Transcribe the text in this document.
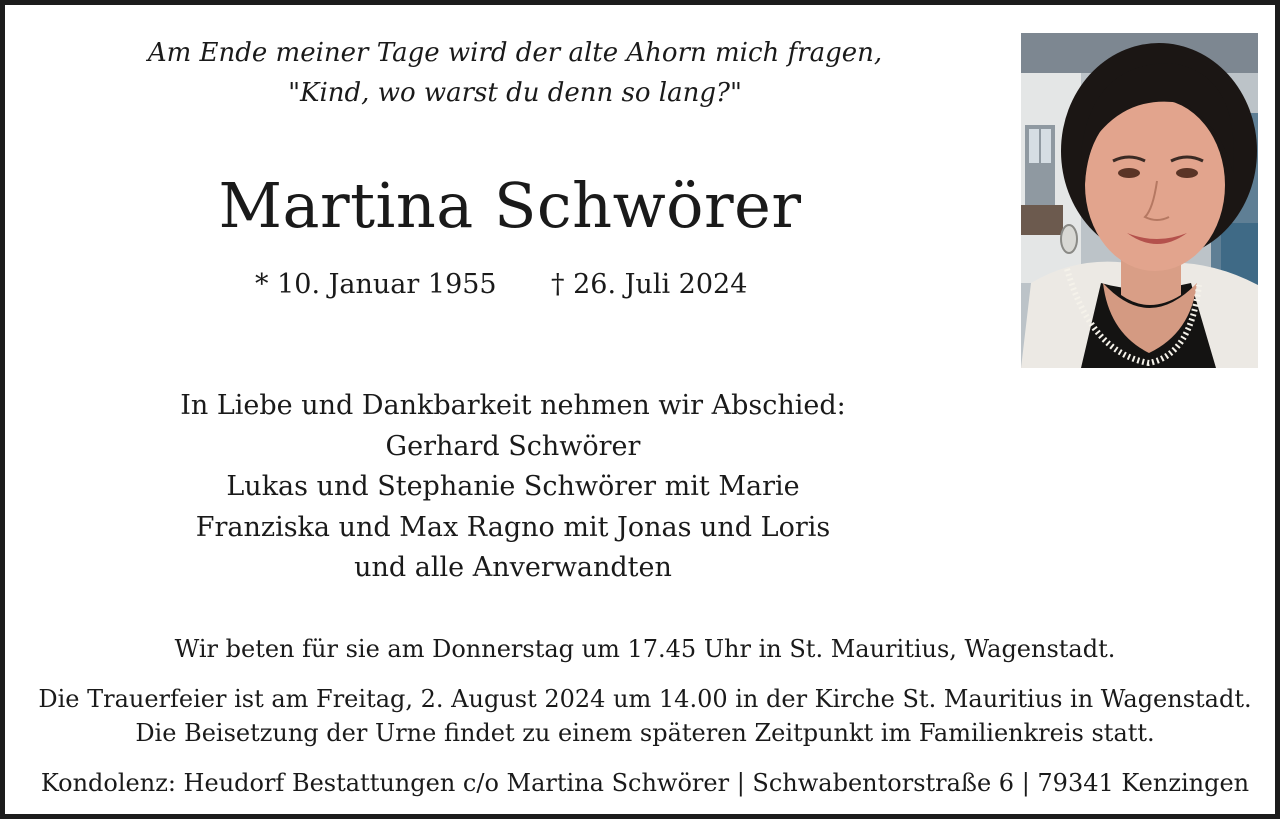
Am Ende meiner Tage wird der alte Ahorn mich fragen,
"Kind, wo warst du denn so lang?"
Martina Schwörer
* 10. Januar 1955 † 26. Juli 2024
In Liebe und Dankbarkeit nehmen wir Abschied:
Gerhard Schwörer
Lukas und Stephanie Schwörer mit Marie
Franziska und Max Ragno mit Jonas und Loris
und alle Anverwandten
Wir beten für sie am Donnerstag um 17.45 Uhr in St. Mauritius, Wagenstadt.
Die Trauerfeier ist am Freitag, 2. August 2024 um 14.00 in der Kirche St. Mauritius in Wagenstadt.
Die Beisetzung der Urne findet zu einem späteren Zeitpunkt im Familienkreis statt.
Kondolenz: Heudorf Bestattungen c/o Martina Schwörer | Schwabentorstraße 6 | 79341 Kenzingen
